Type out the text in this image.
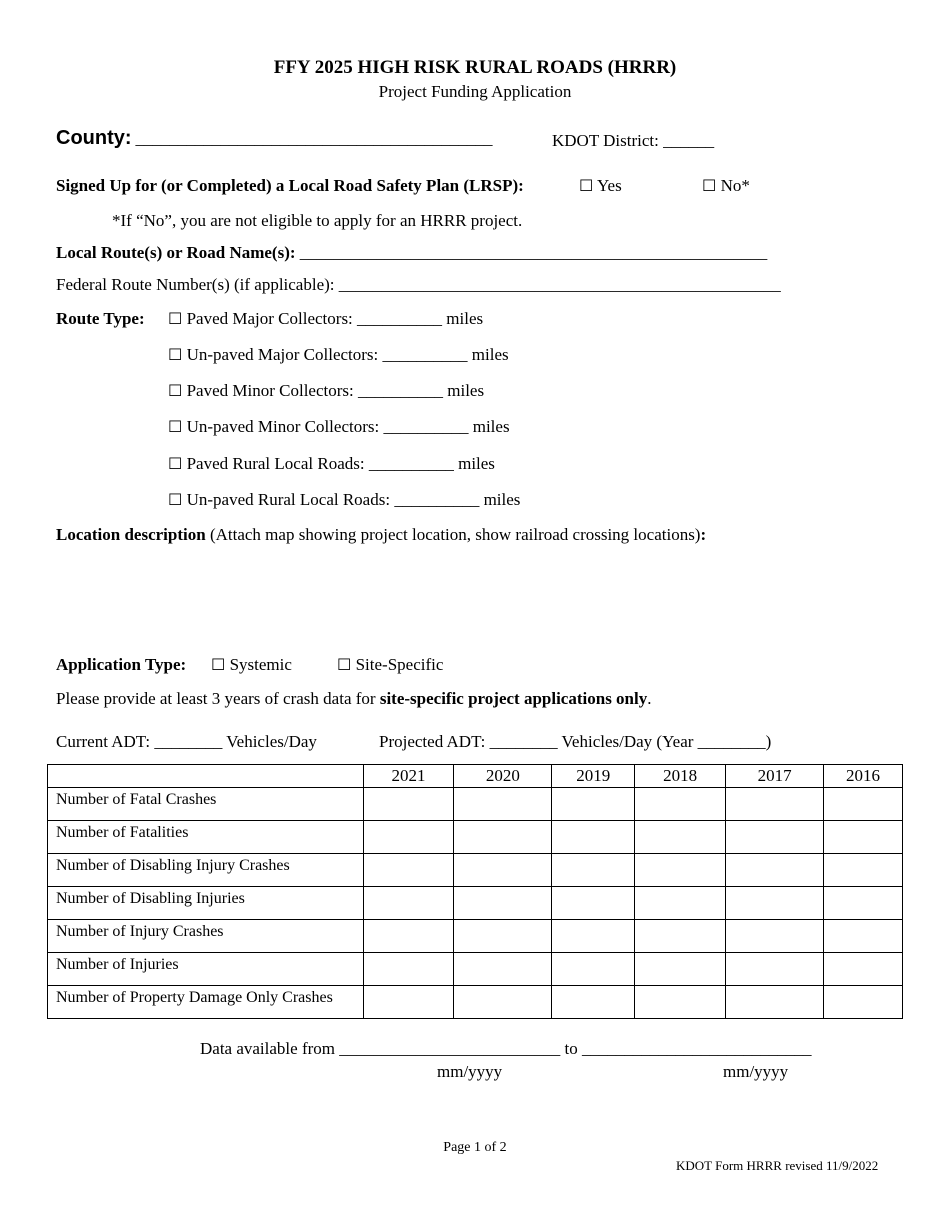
FFY 2025 HIGH RISK RURAL ROADS (HRRR)
Project Funding Application
County: __________________________________________	KDOT District: ______
Signed Up for (or Completed) a Local Road Safety Plan (LRSP):	☐ Yes	☐ No*
*If “No”, you are not eligible to apply for an HRRR project.
Local Route(s) or Road Name(s): _______________________________________________________
Federal Route Number(s) (if applicable): ____________________________________________________
Route Type: ☐ Paved Major Collectors: __________ miles
☐ Un-paved Major Collectors: __________ miles
☐ Paved Minor Collectors: __________ miles
☐ Un-paved Minor Collectors: __________ miles
☐ Paved Rural Local Roads: __________ miles
☐ Un-paved Rural Local Roads: __________ miles
Location description (Attach map showing project location, show railroad crossing locations):
Application Type: ☐ Systemic	☐ Site-Specific
Please provide at least 3 years of crash data for site-specific project applications only.
Current ADT: ________ Vehicles/Day	Projected ADT: ________ Vehicles/Day (Year ________)
	2021	2020	2019	2018	2017	2016
Number of Fatal Crashes						
Number of Fatalities						
Number of Disabling Injury Crashes						
Number of Disabling Injuries						
Number of Injury Crashes						
Number of Injuries						
Number of Property Damage Only Crashes						
Data available from __________________________ to ___________________________
mm/yyyy	mm/yyyy
Page 1 of 2
KDOT Form HRRR revised 11/9/2022
